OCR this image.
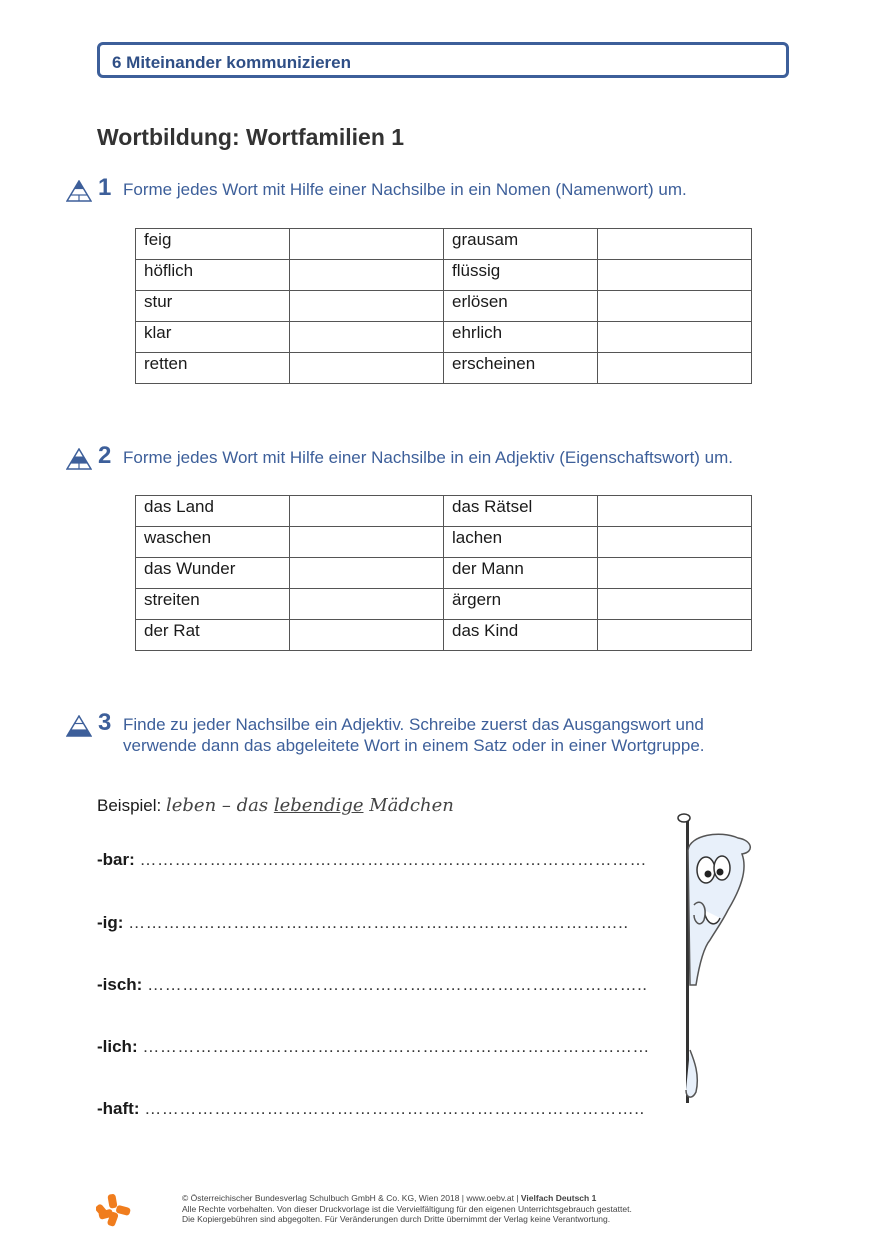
6 Miteinander kommunizieren
Wortbildung: Wortfamilien 1
1 Forme jedes Wort mit Hilfe einer Nachsilbe in ein Nomen (Namenwort) um.
feig		grausam	
höflich		flüssig	
stur		erlösen	
klar		ehrlich	
retten		erscheinen	
2 Forme jedes Wort mit Hilfe einer Nachsilbe in ein Adjektiv (Eigenschaftswort) um.
das Land		das Rätsel	
waschen		lachen	
das Wunder		der Mann	
streiten		ärgern	
der Rat		das Kind	
3 Finde zu jeder Nachsilbe ein Adjektiv. Schreibe zuerst das Ausgangswort und verwende dann das abgeleitete Wort in einem Satz oder in einer Wortgruppe.
Beispiel: leben – das lebendige Mädchen
-bar: ……………………………………………………………………………
-ig: …………………………………………………………………………..
-isch: …………………………………………………………………………..
-lich: ……………………………………………………………………………
-haft: …………………………………………………………………………..
© Österreichischer Bundesverlag Schulbuch GmbH & Co. KG, Wien 2018 | www.oebv.at | Vielfach Deutsch 1
Alle Rechte vorbehalten. Von dieser Druckvorlage ist die Vervielfältigung für den eigenen Unterrichtsgebrauch gestattet.
Die Kopiergebühren sind abgegolten. Für Veränderungen durch Dritte übernimmt der Verlag keine Verantwortung.
